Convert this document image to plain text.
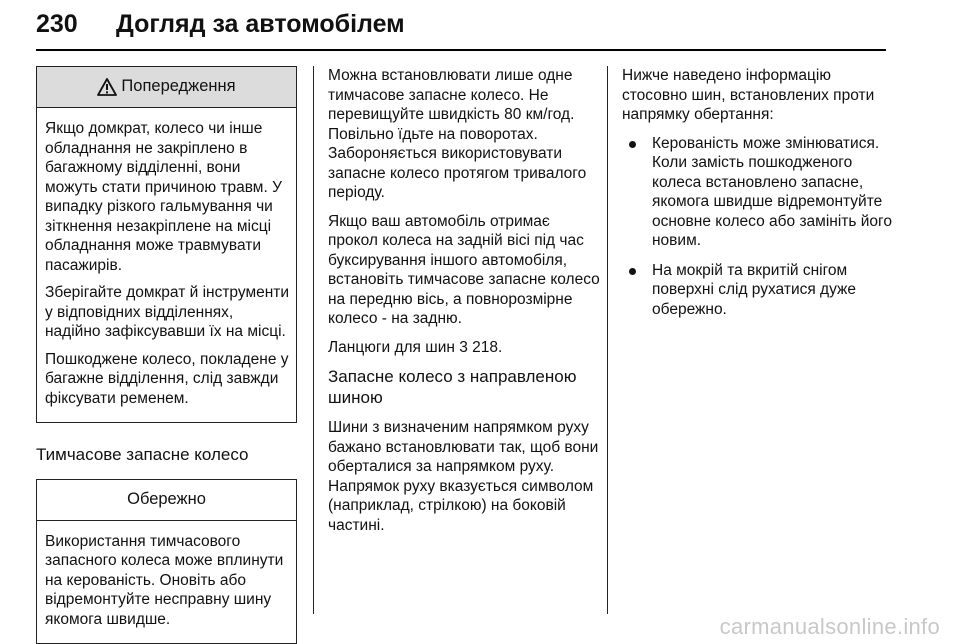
230 Догляд за автомобілем
Попередження

Якщо домкрат, колесо чи інше обладнання не закріплено в багажному відділенні, вони можуть стати причиною травм. У випадку різкого гальмування чи зіткнення незакріплене на місці обладнання може травмувати пасажирів.

Зберігайте домкрат й інструменти у відповідних відділеннях, надійно зафіксувавши їх на місці.

Пошкоджене колесо, покладене у багажне відділення, слід завжди фіксувати ременем.

Тимчасове запасне колесо
Обережно

Використання тимчасового запасного колеса може вплинути на керованість. Оновіть або відремонтуйте несправну шину якомога швидше.

Можна встановлювати лише одне тимчасове запасне колесо. Не перевищуйте швидкість 80 км/год. Повільно їдьте на поворотах. Забороняється використовувати запасне колесо протягом тривалого періоду.

Якщо ваш автомобіль отримає прокол колеса на задній вісі під час буксирування іншого автомобіля, встановіть тимчасове запасне колесо на передню вісь, а повнорозмірне колесо - на задню.

Ланцюги для шин 3 218.

Запасне колесо з направленою шиною

Шини з визначеним напрямком руху бажано встановлювати так, щоб вони оберталися за напрямком руху. Напрямок руху вказується символом (наприклад, стрілкою) на боковій частині.

Нижче наведено інформацію стосовно шин, встановлених проти напрямку обертання:

Керованість може змінюватися. Коли замість пошкодженого колеса встановлено запасне, якомога швидше відремонтуйте основне колесо або замініть його новим.
На мокрій та вкритій снігом поверхні слід рухатися дуже обережно.
carmanualsonline.info
